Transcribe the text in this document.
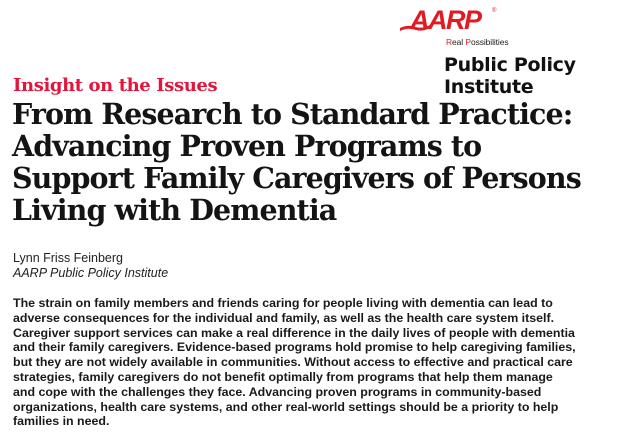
AARP ®
Real Possibilities
Public Policy
Institute
Insight on the Issues
From Research to Standard Practice:
Advancing Proven Programs to
Support Family Caregivers of Persons
Living with Dementia
Lynn Friss Feinberg
AARP Public Policy Institute

The strain on family members and friends caring for people living with dementia can lead to
adverse consequences for the individual and family, as well as the health care system itself.
Caregiver support services can make a real difference in the daily lives of people with dementia
and their family caregivers. Evidence-based programs hold promise to help caregiving families,
but they are not widely available in communities. Without access to effective and practical care
strategies, family caregivers do not benefit optimally from programs that help them manage
and cope with the challenges they face. Advancing proven programs in community-based
organizations, health care systems, and other real-world settings should be a priority to help
families in need.
